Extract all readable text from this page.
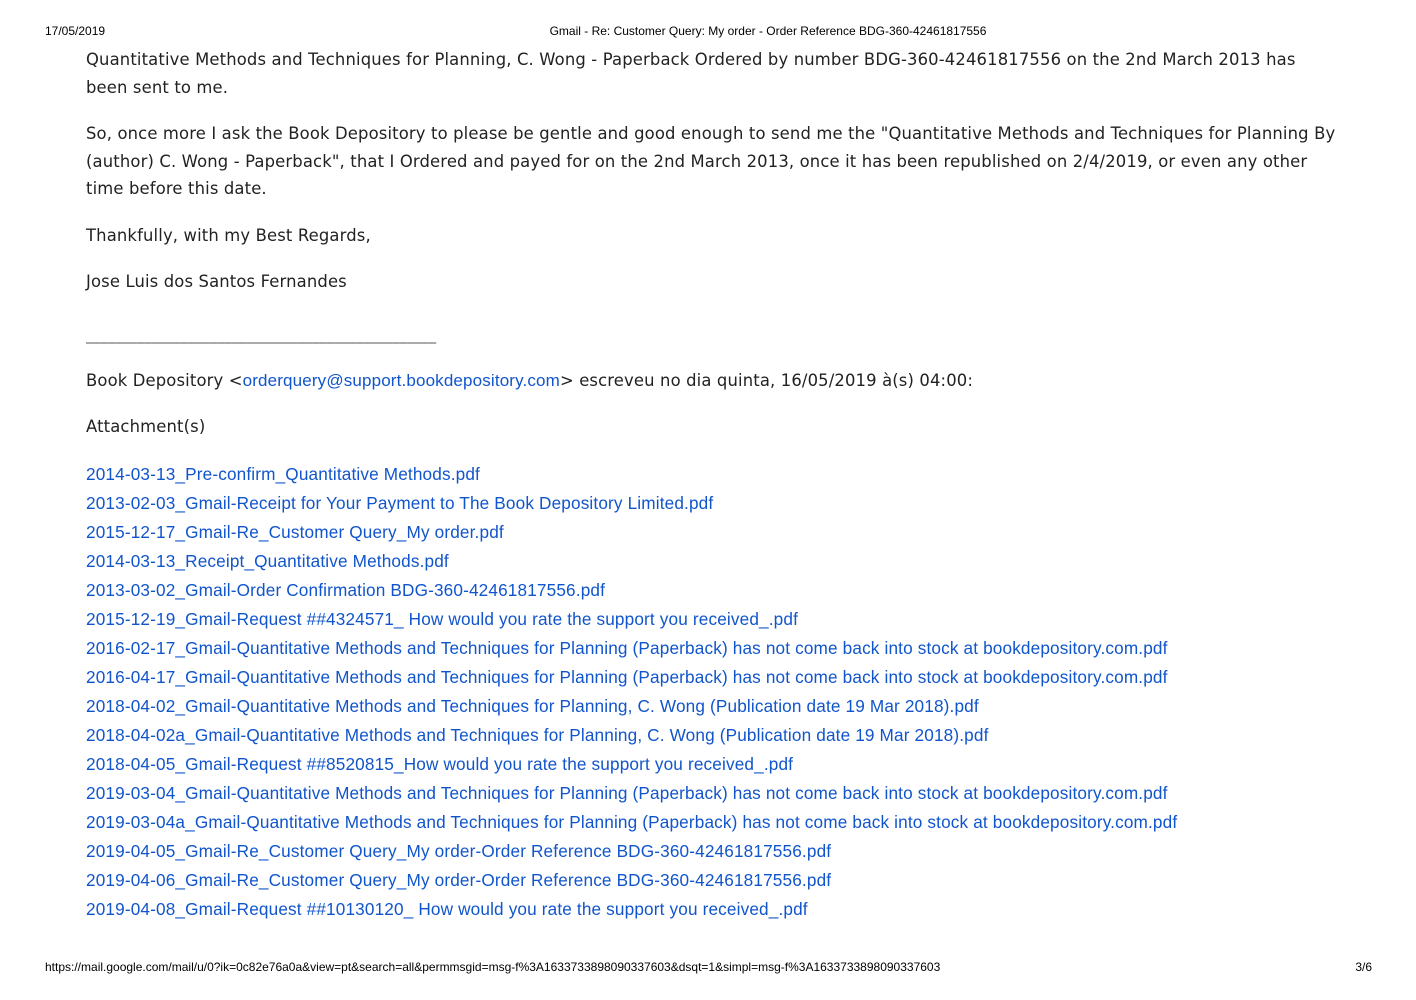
17/05/2019	Gmail - Re: Customer Query: My order - Order Reference BDG-360-42461817556

Quantitative Methods and Techniques for Planning, C. Wong - Paperback Ordered by number BDG-360-42461817556 on the 2nd March 2013 has been sent to me.

So, once more I ask the Book Depository to please be gentle and good enough to send me the "Quantitative Methods and Techniques for Planning By (author) C. Wong - Paperback", that I Ordered and payed for on the 2nd March 2013, once it has been republished on 2/4/2019, or even any other time before this date.

Thankfully, with my Best Regards,

Jose Luis dos Santos Fernandes

________________________________________________

Book Depository <orderquery@support.bookdepository.com> escreveu no dia quinta, 16/05/2019 à(s) 04:00:

Attachment(s)

2014-03-13_Pre-confirm_Quantitative Methods.pdf
2013-02-03_Gmail-Receipt for Your Payment to The Book Depository Limited.pdf
2015-12-17_Gmail-Re_Customer Query_My order.pdf
2014-03-13_Receipt_Quantitative Methods.pdf
2013-03-02_Gmail-Order Confirmation BDG-360-42461817556.pdf
2015-12-19_Gmail-Request ##4324571_ How would you rate the support you received_.pdf
2016-02-17_Gmail-Quantitative Methods and Techniques for Planning (Paperback) has not come back into stock at bookdepository.com.pdf
2016-04-17_Gmail-Quantitative Methods and Techniques for Planning (Paperback) has not come back into stock at bookdepository.com.pdf
2018-04-02_Gmail-Quantitative Methods and Techniques for Planning, C. Wong (Publication date 19 Mar 2018).pdf
2018-04-02a_Gmail-Quantitative Methods and Techniques for Planning, C. Wong (Publication date 19 Mar 2018).pdf
2018-04-05_Gmail-Request ##8520815_How would you rate the support you received_.pdf
2019-03-04_Gmail-Quantitative Methods and Techniques for Planning (Paperback) has not come back into stock at bookdepository.com.pdf
2019-03-04a_Gmail-Quantitative Methods and Techniques for Planning (Paperback) has not come back into stock at bookdepository.com.pdf
2019-04-05_Gmail-Re_Customer Query_My order-Order Reference BDG-360-42461817556.pdf
2019-04-06_Gmail-Re_Customer Query_My order-Order Reference BDG-360-42461817556.pdf
2019-04-08_Gmail-Request ##10130120_ How would you rate the support you received_.pdf
https://mail.google.com/mail/u/0?ik=0c82e76a0a&view=pt&search=all&permmsgid=msg-f%3A1633733898090337603&dsqt=1&simpl=msg-f%3A1633733898090337603	3/6
